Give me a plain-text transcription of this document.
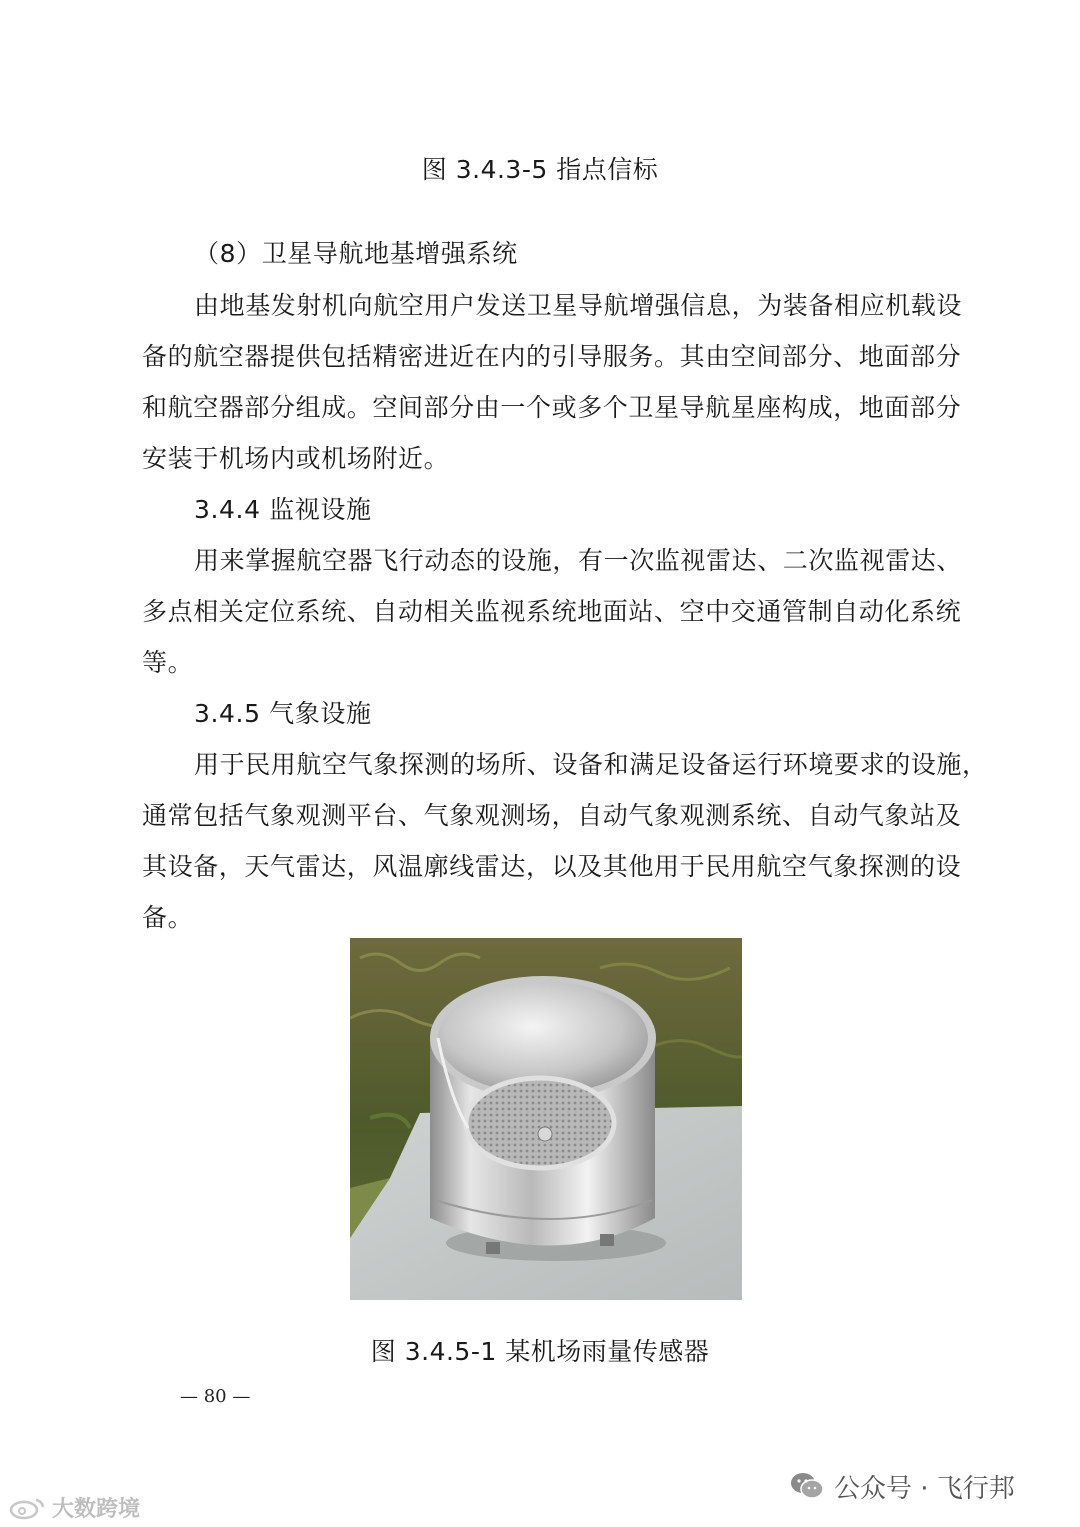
图 3.4.3-5 指点信标
（8）卫星导航地基增强系统
由地基发射机向航空用户发送卫星导航增强信息，为装备相应机载设
备的航空器提供包括精密进近在内的引导服务。其由空间部分、地面部分
和航空器部分组成。空间部分由一个或多个卫星导航星座构成，地面部分
安装于机场内或机场附近。
3.4.4 监视设施
用来掌握航空器飞行动态的设施，有一次监视雷达、二次监视雷达、
多点相关定位系统、自动相关监视系统地面站、空中交通管制自动化系统
等。
3.4.5 气象设施
用于民用航空气象探测的场所、设备和满足设备运行环境要求的设施，
通常包括气象观测平台、气象观测场，自动气象观测系统、自动气象站及
其设备，天气雷达，风温廓线雷达，以及其他用于民用航空气象探测的设
备。
图 3.4.5-1 某机场雨量传感器
— 80 —
公众号 · 飞行邦
大数跨境
